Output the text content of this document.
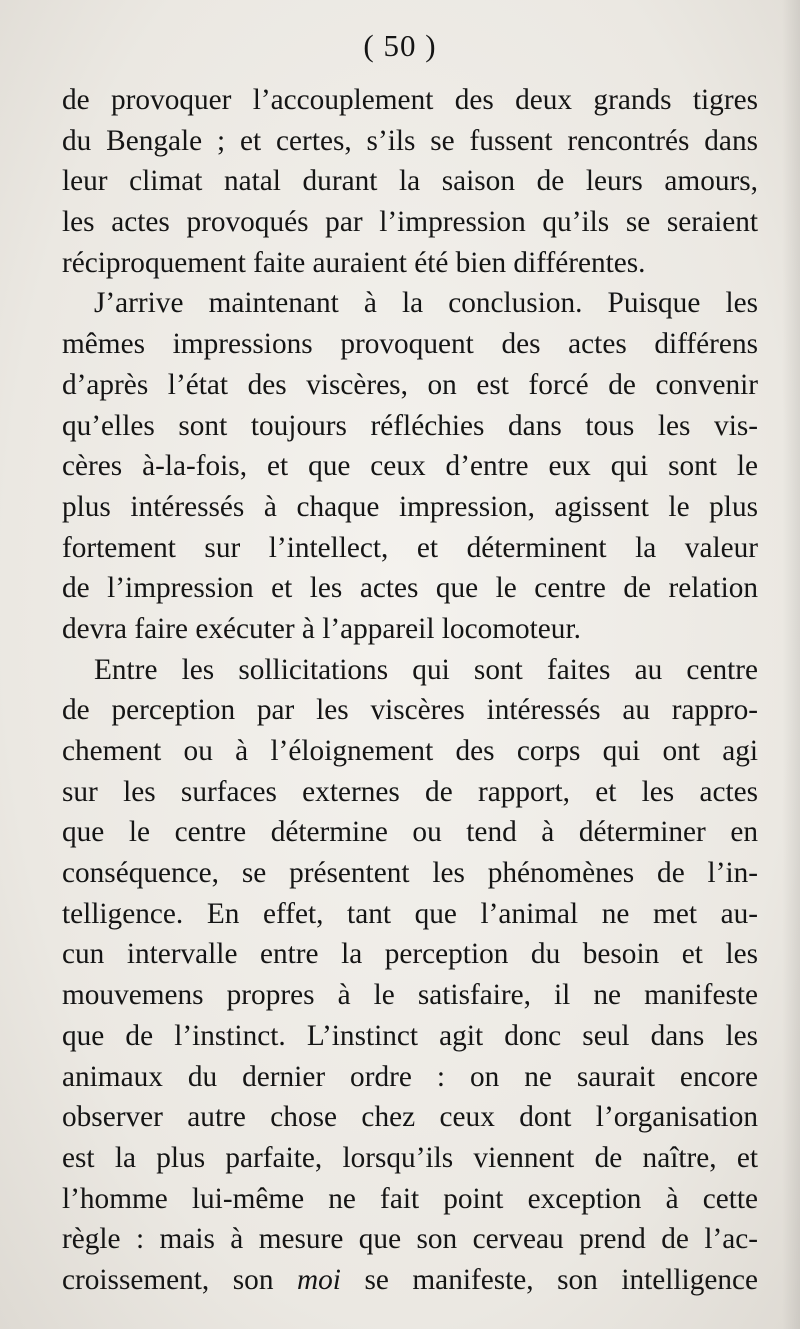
( 50 )
de provoquer l’accouplement des deux grands tigres
du Bengale ; et certes, s’ils se fussent rencontrés dans
leur climat natal durant la saison de leurs amours,
les actes provoqués par l’impression qu’ils se seraient
réciproquement faite auraient été bien différentes.
J’arrive maintenant à la conclusion. Puisque les
mêmes impressions provoquent des actes différens
d’après l’état des viscères, on est forcé de convenir
qu’elles sont toujours réfléchies dans tous les vis-
cères à-la-fois, et que ceux d’entre eux qui sont le
plus intéressés à chaque impression, agissent le plus
fortement sur l’intellect, et déterminent la valeur
de l’impression et les actes que le centre de relation
devra faire exécuter à l’appareil locomoteur.
Entre les sollicitations qui sont faites au centre
de perception par les viscères intéressés au rappro-
chement ou à l’éloignement des corps qui ont agi
sur les surfaces externes de rapport, et les actes
que le centre détermine ou tend à déterminer en
conséquence, se présentent les phénomènes de l’in-
telligence. En effet, tant que l’animal ne met au-
cun intervalle entre la perception du besoin et les
mouvemens propres à le satisfaire, il ne manifeste
que de l’instinct. L’instinct agit donc seul dans les
animaux du dernier ordre : on ne saurait encore
observer autre chose chez ceux dont l’organisation
est la plus parfaite, lorsqu’ils viennent de naître, et
l’homme lui-même ne fait point exception à cette
règle : mais à mesure que son cerveau prend de l’ac-
croissement, son moi se manifeste, son intelligence
